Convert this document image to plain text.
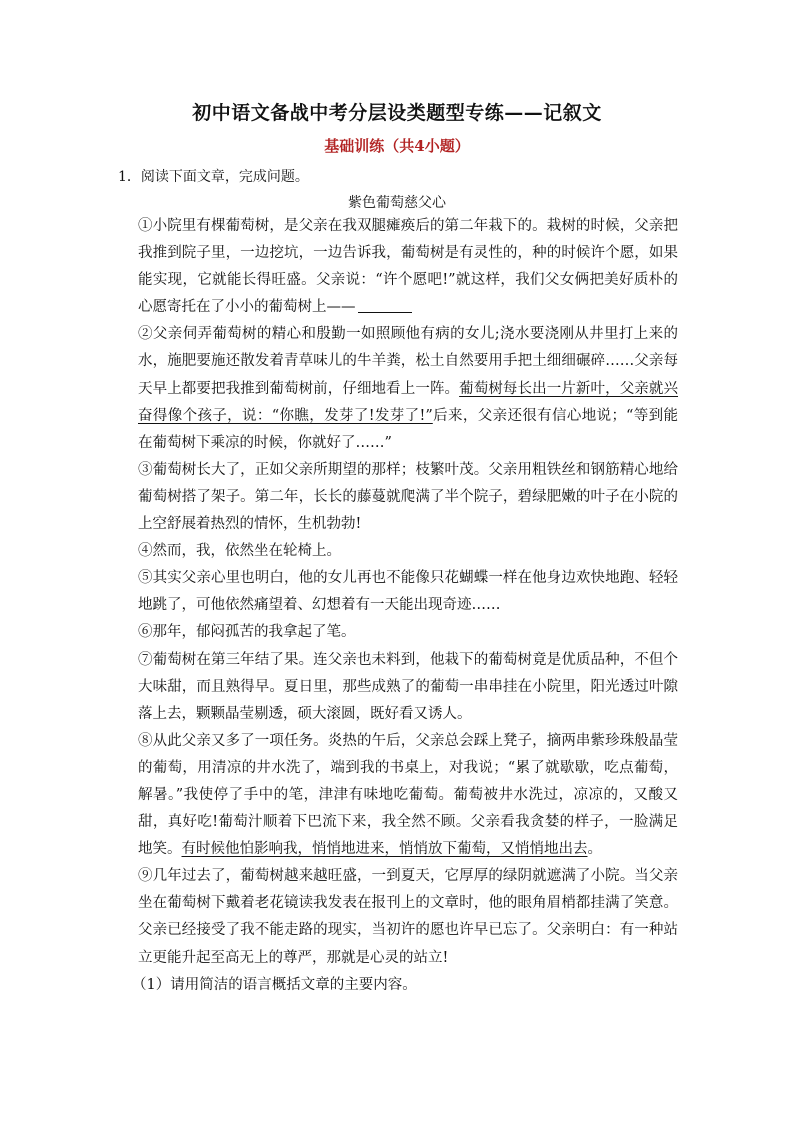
初中语文备战中考分层设类题型专练——记叙文
基础训练（共4小题）
1．阅读下面文章，完成问题。
紫色葡萄慈父心

①小院里有棵葡萄树，是父亲在我双腿瘫痪后的第二年栽下的。栽树的时候，父亲把我推到院子里，一边挖坑，一边告诉我，葡萄树是有灵性的，种的时候许个愿，如果能实现，它就能长得旺盛。父亲说：“许个愿吧!”就这样，我们父女俩把美好质朴的心愿寄托在了小小的葡萄树上——

②父亲伺弄葡萄树的精心和殷勤一如照顾他有病的女儿;浇水要浇刚从井里打上来的水，施肥要施还散发着青草味儿的牛羊粪，松土自然要用手把土细细碾碎……父亲每天早上都要把我推到葡萄树前，仔细地看上一阵。葡萄树每长出一片新叶，父亲就兴奋得像个孩子，说：“你瞧，发芽了!发芽了!”后来，父亲还很有信心地说；“等到能在葡萄树下乘凉的时候，你就好了……”

③葡萄树长大了，正如父亲所期望的那样；枝繁叶茂。父亲用粗铁丝和钢筋精心地给葡萄树搭了架子。第二年，长长的藤蔓就爬满了半个院子，碧绿肥嫩的叶子在小院的上空舒展着热烈的情怀，生机勃勃!

④然而，我，依然坐在轮椅上。

⑤其实父亲心里也明白，他的女儿再也不能像只花蝴蝶一样在他身边欢快地跑、轻轻地跳了，可他依然痛望着、幻想着有一天能出现奇迹……

⑥那年，郁闷孤苦的我拿起了笔。

⑦葡萄树在第三年结了果。连父亲也未料到，他栽下的葡萄树竟是优质品种，不但个大味甜，而且熟得早。夏日里，那些成熟了的葡萄一串串挂在小院里，阳光透过叶隙落上去，颗颗晶莹剔透，硕大滚圆，既好看又诱人。

⑧从此父亲又多了一项任务。炎热的午后，父亲总会踩上凳子，摘两串紫珍珠般晶莹的葡萄，用清凉的井水洗了，端到我的书桌上，对我说；“累了就歇歇，吃点葡萄，解暑。”我使停了手中的笔，津津有味地吃葡萄。葡萄被井水洗过，凉凉的，又酸又甜，真好吃!葡萄汁顺着下巴流下来，我全然不顾。父亲看我贪婪的样子，一脸满足地笑。有时候他怕影响我，悄悄地进来，悄悄放下葡萄，又悄悄地出去。

⑨几年过去了，葡萄树越来越旺盛，一到夏天，它厚厚的绿阴就遮满了小院。当父亲坐在葡萄树下戴着老花镜读我发表在报刊上的文章时，他的眼角眉梢都挂满了笑意。父亲已经接受了我不能走路的现实，当初许的愿也许早已忘了。父亲明白：有一种站立更能升起至高无上的尊严，那就是心灵的站立!

（1）请用简洁的语言概括文章的主要内容。
